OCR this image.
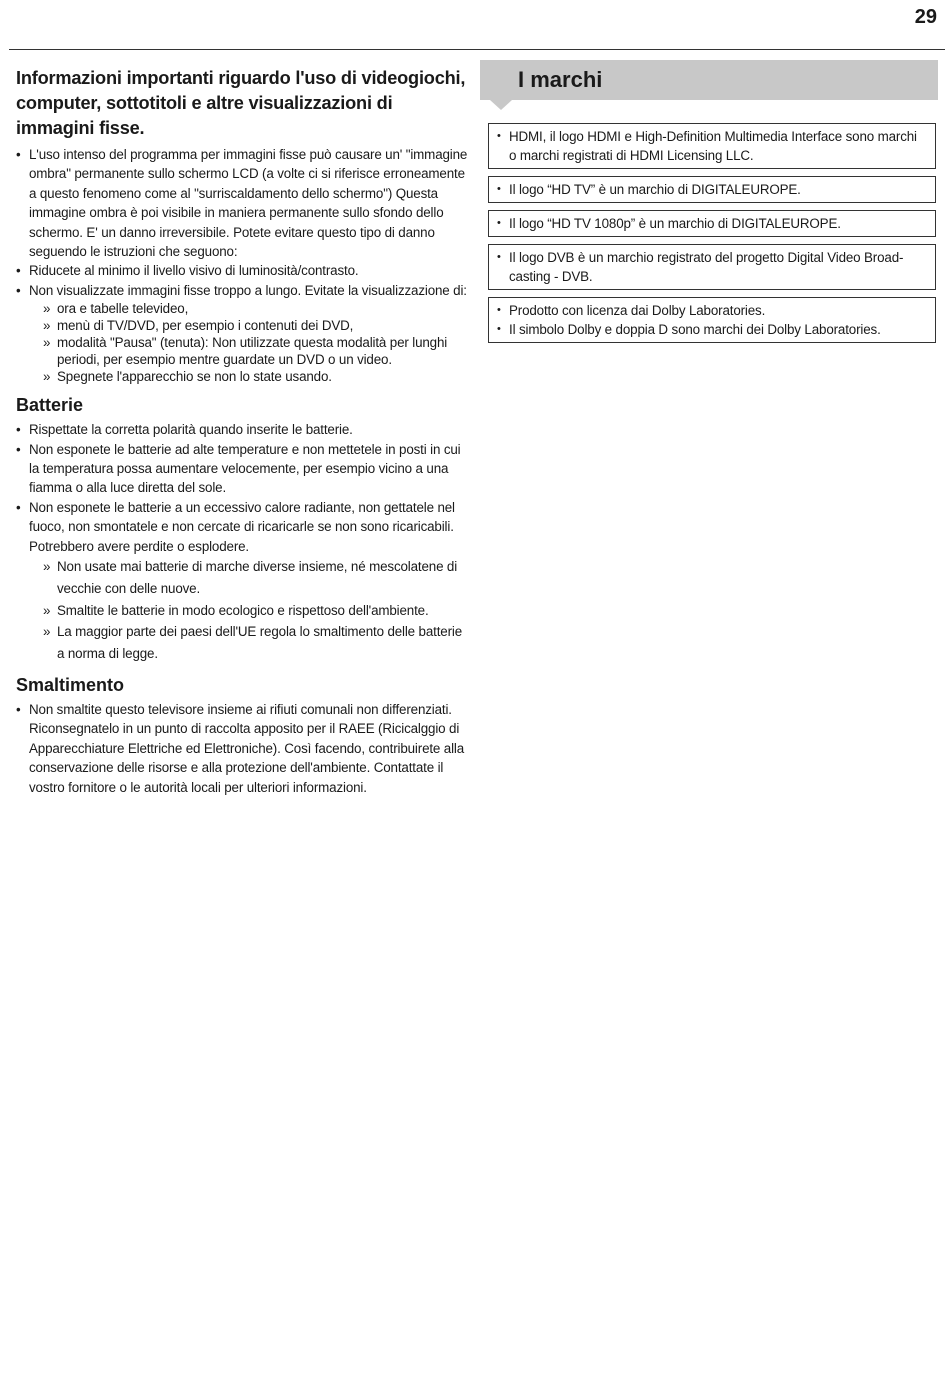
29
Informazioni importanti riguardo l'uso di videogiochi, computer, sottotitoli e altre visualizzazioni di immagini fisse.
• L'uso intenso del programma per immagini fisse può causare un' "immagine ombra" permanente sullo schermo LCD (a volte ci si riferisce erroneamente a questo fenomeno come al "surriscaldamento dello schermo") Questa immagine ombra è poi visibile in maniera permanente sullo sfondo dello schermo. E' un danno irreversibile. Potete evitare questo tipo di danno seguendo le istruzioni che seguono:
• Riducete al minimo il livello visivo di luminosità/contrasto.
• Non visualizzate immagini fisse troppo a lungo. Evitate la visualizzazione di:
» ora e tabelle televideo,
» menù di TV/DVD, per esempio i contenuti dei DVD,
» modalità "Pausa" (tenuta): Non utilizzate questa modalità per lunghi periodi, per esempio mentre guardate un DVD o un video.
» Spegnete l'apparecchio se non lo state usando.
Batterie
• Rispettate la corretta polarità quando inserite le batterie.
• Non esponete le batterie ad alte temperature e non mettetele in posti in cui la temperatura possa aumentare velocemente, per esempio vicino a una fiamma o alla luce diretta del sole.
• Non esponete le batterie a un eccessivo calore radiante, non gettatele nel fuoco, non smontatele e non cercate di ricaricarle se non sono ricaricabili. Potrebbero avere perdite o esplodere.
» Non usate mai batterie di marche diverse insieme, né mescolatene di vecchie con delle nuove.
» Smaltite le batterie in modo ecologico e rispettoso dell'ambiente.
» La maggior parte dei paesi dell'UE regola lo smaltimento delle batterie a norma di legge.
Smaltimento
• Non smaltite questo televisore insieme ai rifiuti comunali non differenziati. Riconsegnatelo in un punto di raccolta apposito per il RAEE (Ricicalggio di Apparecchiature Elettriche ed Elettroniche). Così facendo, contribuirete alla conservazione delle risorse e alla protezione dell'ambiente. Contattate il vostro fornitore o le autorità locali per ulteriori informazioni.
I marchi
• HDMI, il logo HDMI e High-Definition Multimedia Interface sono marchi o marchi registrati di HDMI Licensing LLC.
• Il logo “HD TV” è un marchio di DIGITALEUROPE.
• Il logo “HD TV 1080p” è un marchio di DIGITALEUROPE.
• Il logo DVB è un marchio registrato del progetto Digital Video Broadcasting - DVB.
• Prodotto con licenza dai Dolby Laboratories.
• Il simbolo Dolby e doppia D sono marchi dei Dolby Laboratories.
